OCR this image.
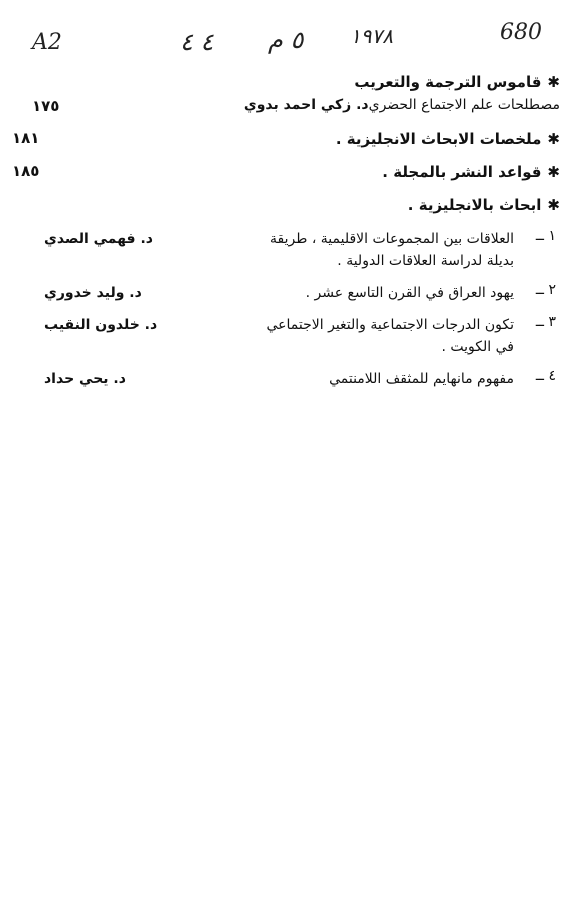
A2	٤ ٤ ٥ م ١٩٧٨	680
✱قاموس الترجمة والتعريب
مصطلحات علم الاجتماع الحضري
د. زكي احمد بدوي
١٧٥
✱ملخصات الابحاث الانجليزية .
١٨١
✱قواعد النشر بالمجلة .
١٨٥
✱ابحاث بالانجليزية .
١ ــ
العلاقات بين المجموعات الاقليمية ، طريقة بديلة لدراسة العلاقات الدولية .
د. فهمي الصدي
٢ ــ
يهود العراق في القرن التاسع عشر .
د. وليد خدوري
٣ ــ
تكون الدرجات الاجتماعية والتغير الاجتماعي في الكويت .
د. خلدون النقيب
٤ ــ
مفهوم مانهايم للمثقف اللامنتمي
د. يحي حداد
